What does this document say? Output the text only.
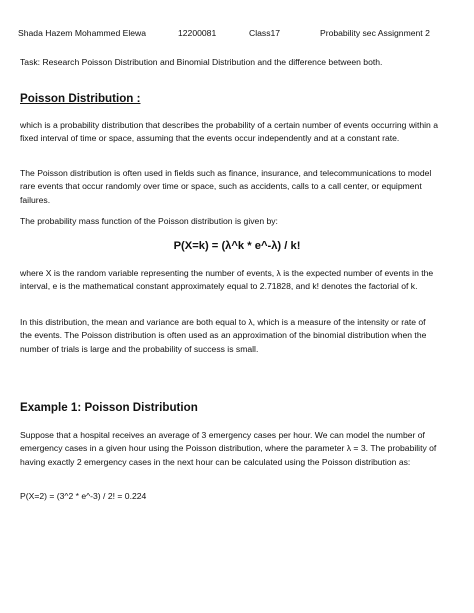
Shada Hazem Mohammed Elewa	12200081	Class17	Probability sec Assignment 2
Task: Research Poisson Distribution and Binomial Distribution and the difference between both.
Poisson Distribution :
which is a probability distribution that describes the probability of a certain number of events occurring within a fixed interval of time or space, assuming that the events occur independently and at a constant rate.
The Poisson distribution is often used in fields such as finance, insurance, and telecommunications to model rare events that occur randomly over time or space, such as accidents, calls to a call center, or equipment failures.
The probability mass function of the Poisson distribution is given by:
P(X=k) = (λ^k * e^-λ) / k!
where X is the random variable representing the number of events, λ is the expected number of events in the interval, e is the mathematical constant approximately equal to 2.71828, and k! denotes the factorial of k.
In this distribution, the mean and variance are both equal to λ, which is a measure of the intensity or rate of the events. The Poisson distribution is often used as an approximation of the binomial distribution when the number of trials is large and the probability of success is small.
Example 1: Poisson Distribution
Suppose that a hospital receives an average of 3 emergency cases per hour. We can model the number of emergency cases in a given hour using the Poisson distribution, where the parameter λ = 3. The probability of having exactly 2 emergency cases in the next hour can be calculated using the Poisson distribution as:
P(X=2) = (3^2 * e^-3) / 2! = 0.224
